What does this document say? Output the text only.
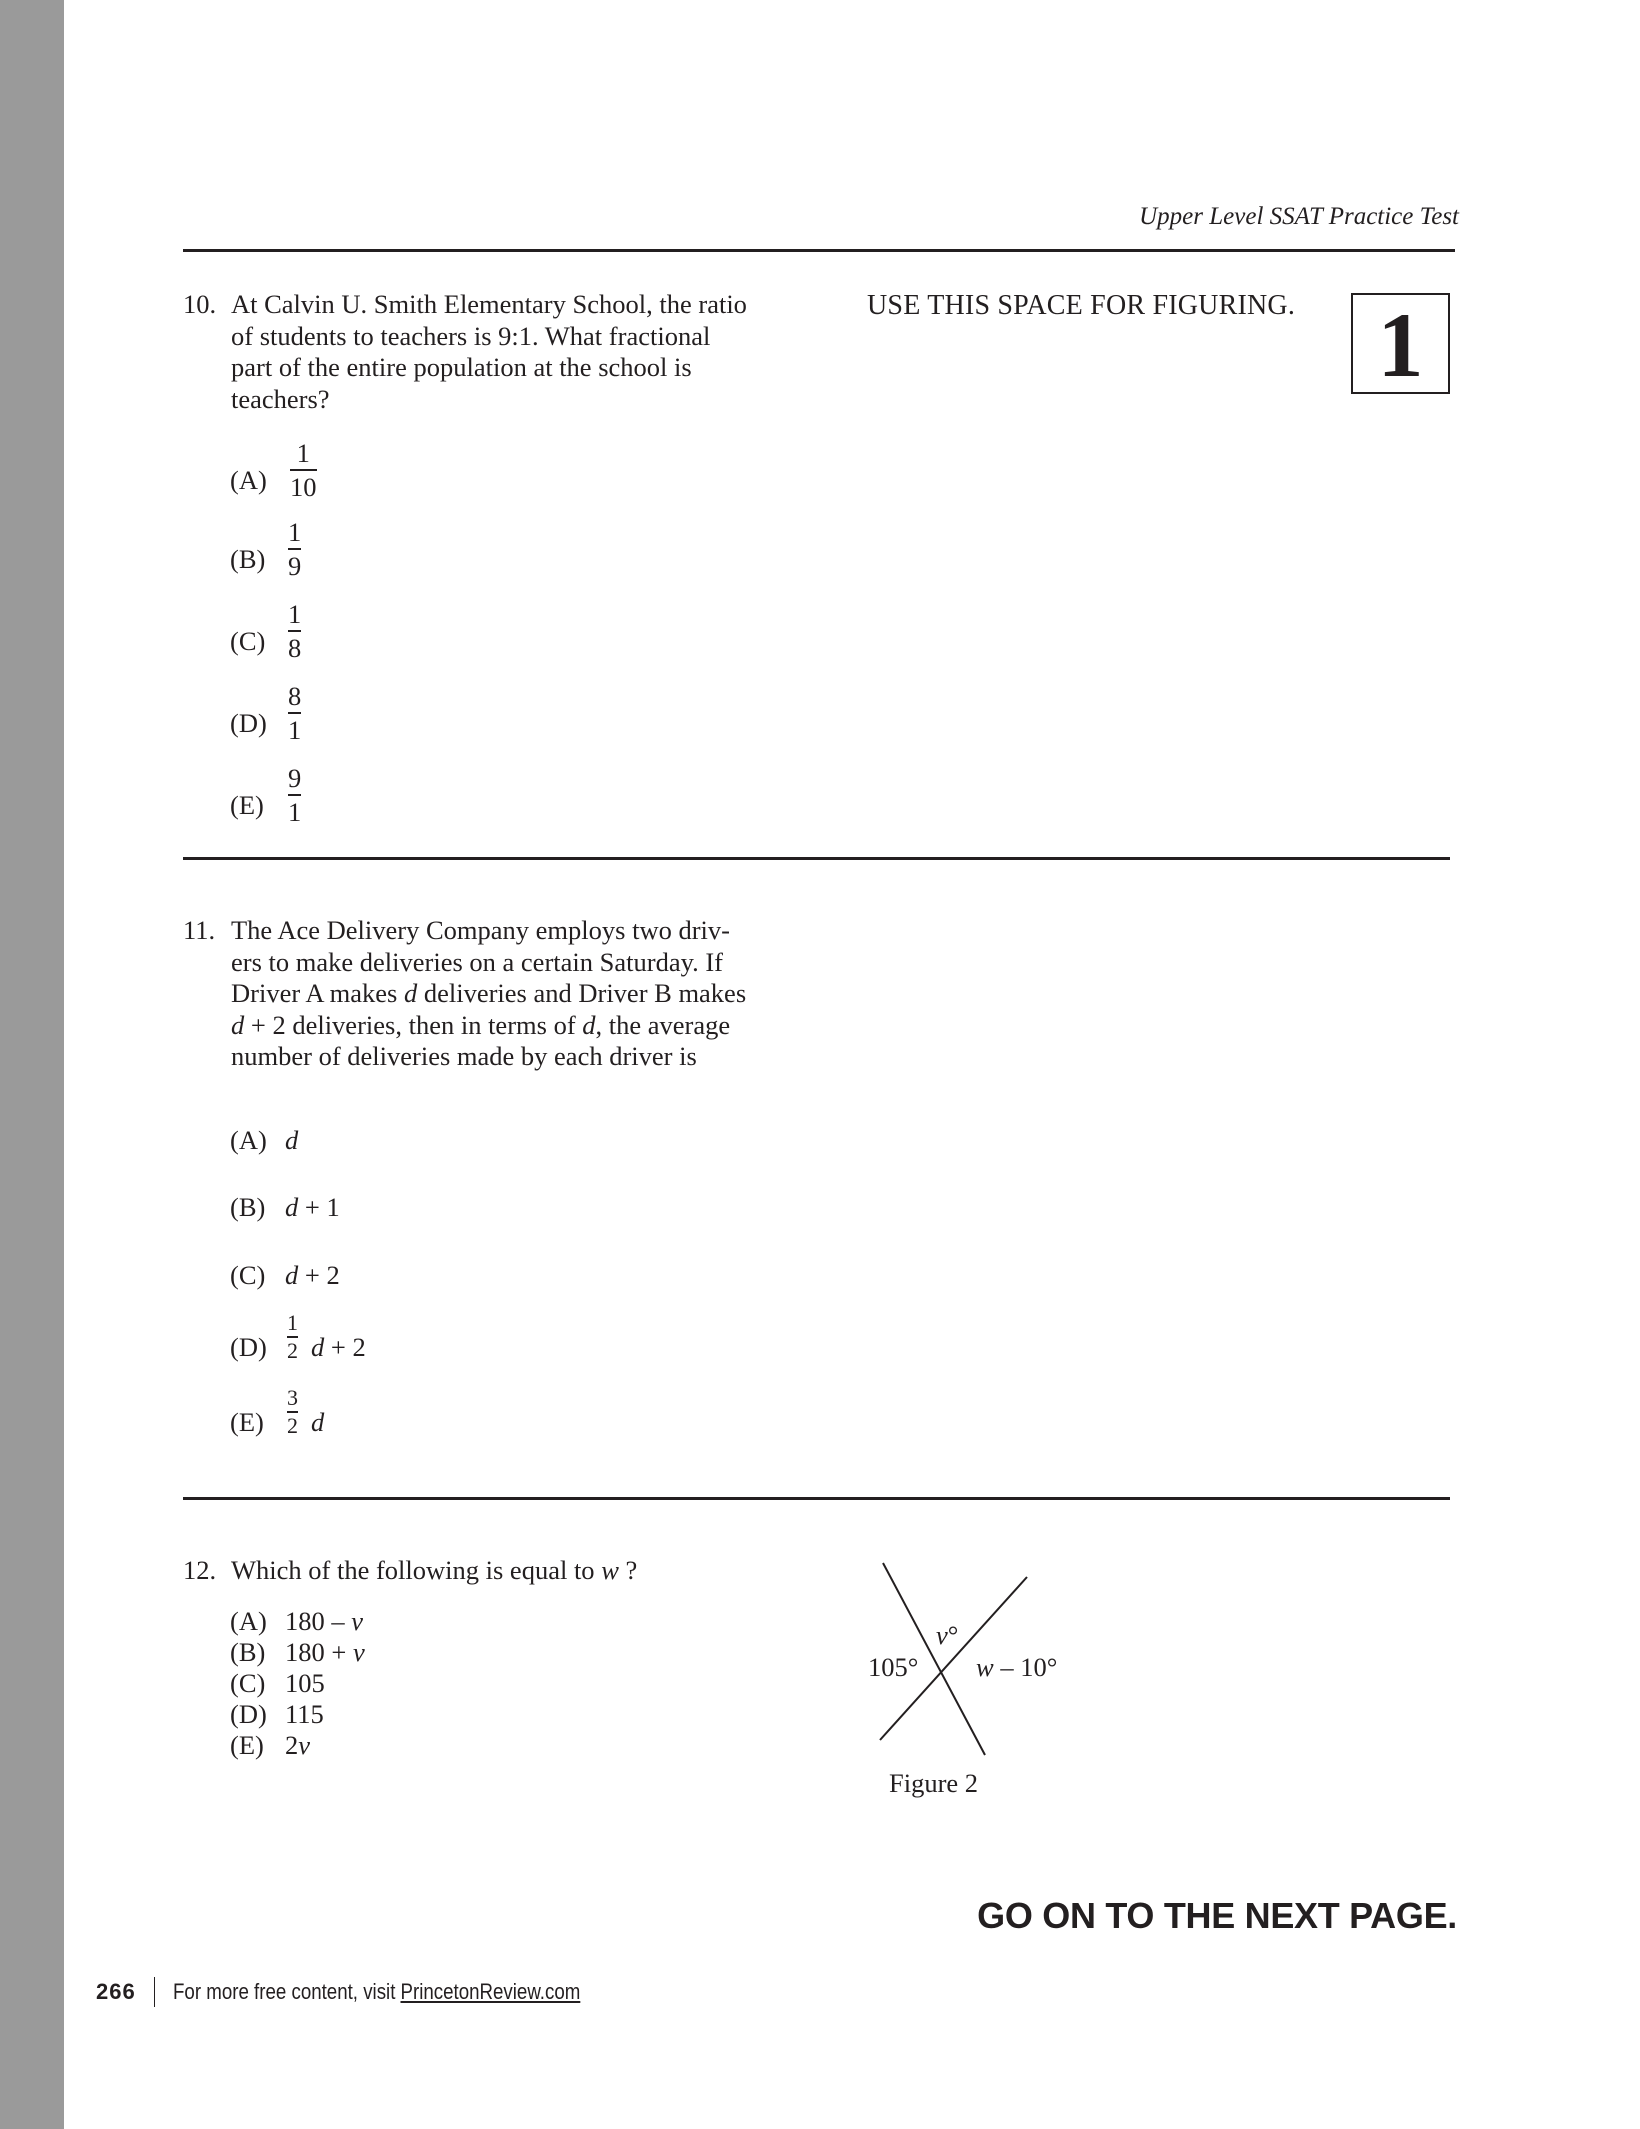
Upper Level SSAT Practice Test
USE THIS SPACE FOR FIGURING. 1
10. At Calvin U. Smith Elementary School, the ratio
of students to teachers is 9:1. What fractional
part of the entire population at the school is
teachers?
(A)
1
10
(B)
1
9
(C)
1
8
(D)
8
1
(E)
9
1
11. The Ace Delivery Company employs two driv-
ers to make deliveries on a certain Saturday. If
Driver A makes d deliveries and Driver B makes
d + 2 deliveries, then in terms of d, the average
number of deliveries made by each driver is
(A) d
(B) d + 1
(C) d + 2
(D)
1
2 d + 2
(E)
3
2 d
12. Which of the following is equal to w ?
(A) 180 – v
(B) 180 + v
(C) 105
(D) 115
(E) 2v
105°
v°
w – 10°
Figure 2
GO ON TO THE NEXT PAGE.
266 For more free content, visit PrincetonReview.com
